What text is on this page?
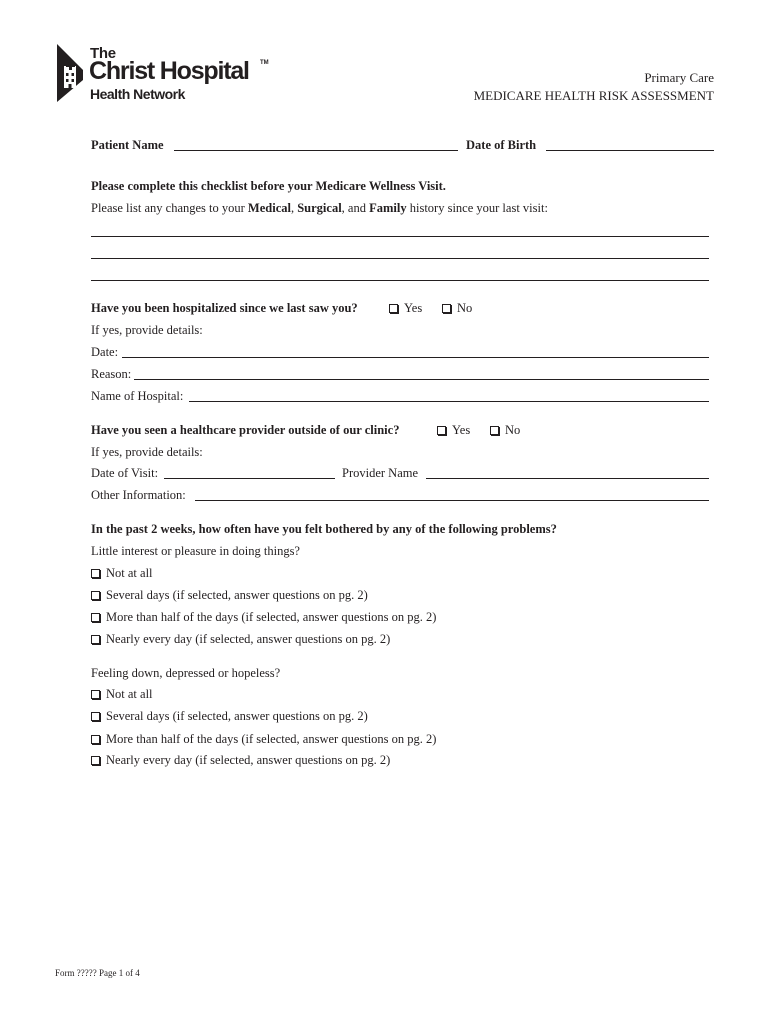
The
Christ Hospital TM
Health Network
Primary Care
MEDICARE HEALTH RISK ASSESSMENT
Patient Name	Date of Birth
Please complete this checklist before your Medicare Wellness Visit.
Please list any changes to your Medical, Surgical, and Family history since your last visit:
Have you been hospitalized since we last saw you?	Yes	No
If yes, provide details:
Date:
Reason:
Name of Hospital:
Have you seen a healthcare provider outside of our clinic?	Yes	No
If yes, provide details:
Date of Visit:	Provider Name
Other Information:
In the past 2 weeks, how often have you felt bothered by any of the following problems?
Little interest or pleasure in doing things?
Not at all
Several days (if selected, answer questions on pg. 2)
More than half of the days (if selected, answer questions on pg. 2)
Nearly every day (if selected, answer questions on pg. 2)
Feeling down, depressed or hopeless?
Not at all
Several days (if selected, answer questions on pg. 2)
More than half of the days (if selected, answer questions on pg. 2)
Nearly every day (if selected, answer questions on pg. 2)
Form ????? Page 1 of 4
